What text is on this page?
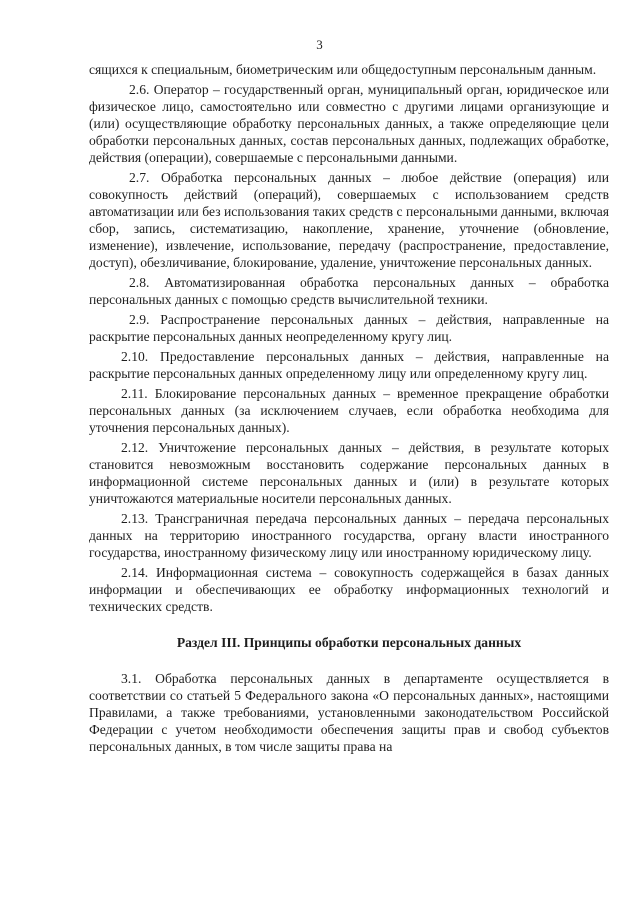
3

сящихся к специальным, биометрическим или общедоступным персональным данным.

2.6. Оператор – государственный орган, муниципальный орган, юридическое или физическое лицо, самостоятельно или совместно с другими лицами организующие и (или) осуществляющие обработку персональных данных, а также определяющие цели обработки персональных данных, состав персональных данных, подлежащих обработке, действия (операции), совершаемые с персональными данными.

2.7. Обработка персональных данных – любое действие (операция) или совокупность действий (операций), совершаемых с использованием средств автоматизации или без использования таких средств с персональными данными, включая сбор, запись, систематизацию, накопление, хранение, уточнение (обновление, изменение), извлечение, использование, передачу (распространение, предоставление, доступ), обезличивание, блокирование, удаление, уничтожение персональных данных.

2.8. Автоматизированная обработка персональных данных – обработка персональных данных с помощью средств вычислительной техники.

2.9. Распространение персональных данных – действия, направленные на раскрытие персональных данных неопределенному кругу лиц.

2.10. Предоставление персональных данных – действия, направленные на раскрытие персональных данных определенному лицу или определенному кругу лиц.

2.11. Блокирование персональных данных – временное прекращение обработки персональных данных (за исключением случаев, если обработка необходима для уточнения персональных данных).

2.12. Уничтожение персональных данных – действия, в результате которых становится невозможным восстановить содержание персональных данных в информационной системе персональных данных и (или) в результате которых уничтожаются материальные носители персональных данных.

2.13. Трансграничная передача персональных данных – передача персональных данных на территорию иностранного государства, органу власти иностранного государства, иностранному физическому лицу или иностранному юридическому лицу.

2.14. Информационная система – совокупность содержащейся в базах данных информации и обеспечивающих ее обработку информационных технологий и технических средств.

Раздел III. Принципы обработки персональных данных

3.1. Обработка персональных данных в департаменте осуществляется в соответствии со статьей 5 Федерального закона «О персональных данных», настоящими Правилами, а также требованиями, установленными законодательством Российской Федерации с учетом необходимости обеспечения защиты прав и свобод субъектов персональных данных, в том числе защиты права на
